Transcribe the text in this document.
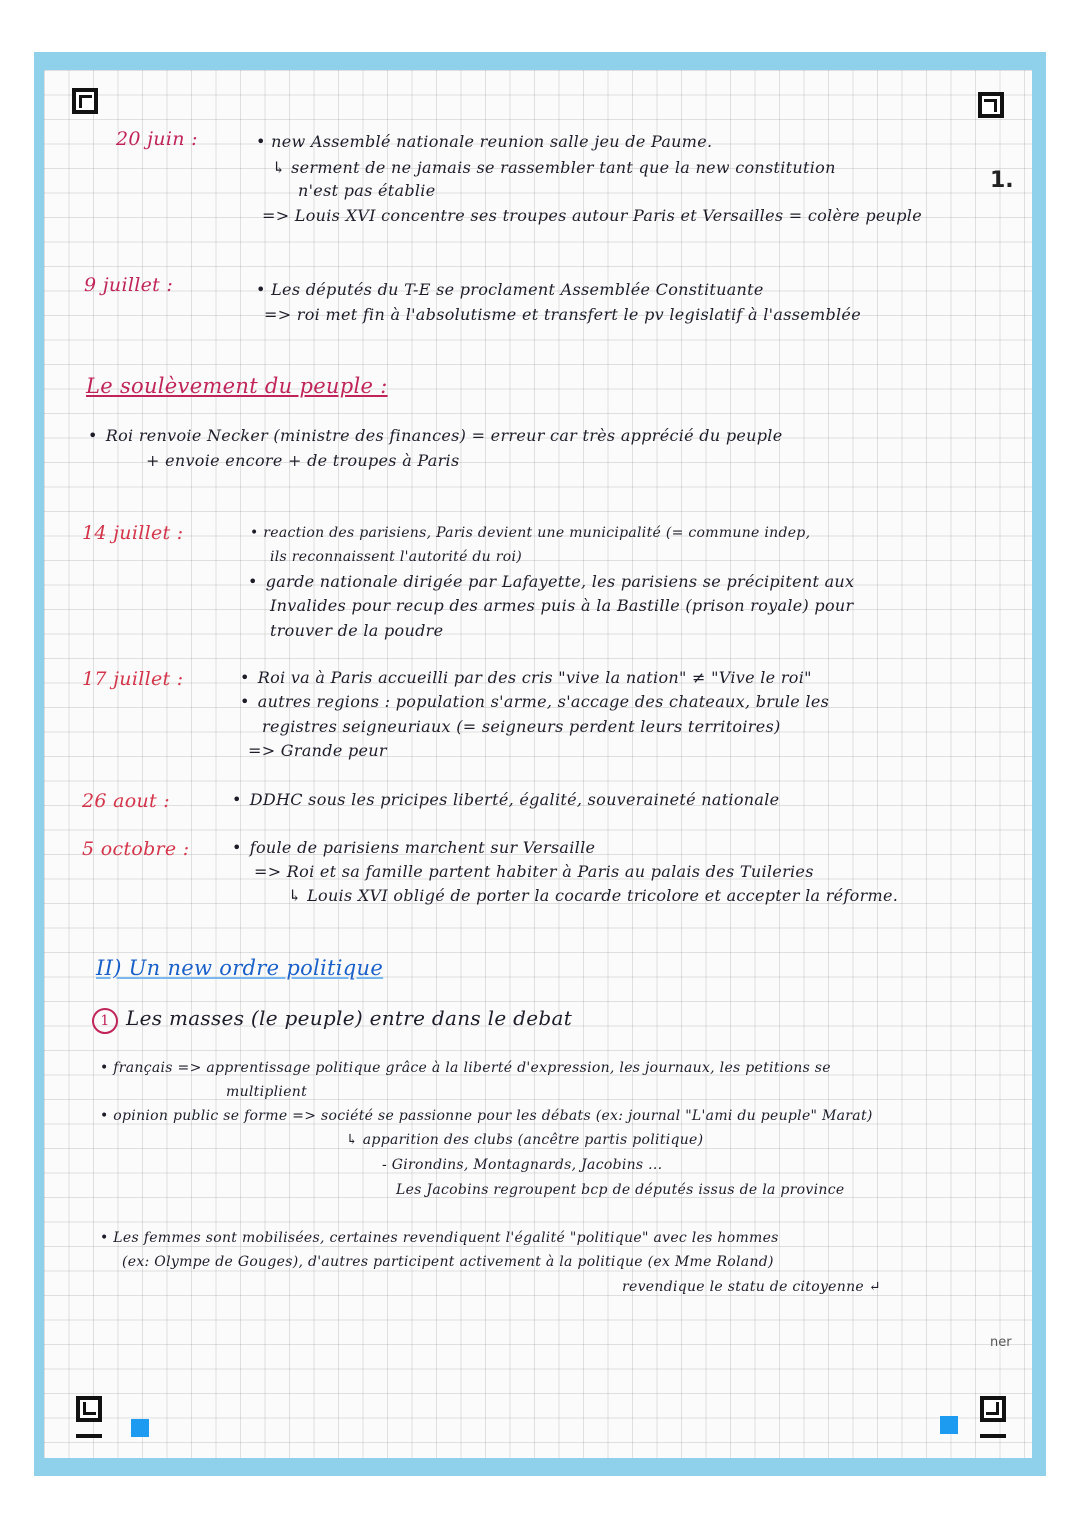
1.
ner
20 juin :	• new Assemblé nationale reunion salle jeu de Paume.
↳ serment de ne jamais se rassembler tant que la new constitution
n'est pas établie
=> Louis XVI concentre ses troupes autour Paris et Versailles = colère peuple
9 juillet :	• Les députés du T-E se proclament Assemblée Constituante
=> roi met fin à l'absolutisme et transfert le pv legislatif à l'assemblée
Le soulèvement du peuple :
• Roi renvoie Necker (ministre des finances) = erreur car très apprécié du peuple
+ envoie encore + de troupes à Paris
14 juillet :	• reaction des parisiens, Paris devient une municipalité (= commune indep,
ils reconnaissent l'autorité du roi)
• garde nationale dirigée par Lafayette, les parisiens se précipitent aux
Invalides pour recup des armes puis à la Bastille (prison royale) pour
trouver de la poudre
17 juillet :	• Roi va à Paris accueilli par des cris "vive la nation" ≠ "Vive le roi"
• autres regions : population s'arme, s'accage des chateaux, brule les
registres seigneuriaux (= seigneurs perdent leurs territoires)
=> Grande peur
26 aout :	• DDHC sous les pricipes liberté, égalité, souveraineté nationale
5 octobre :	• foule de parisiens marchent sur Versaille
=> Roi et sa famille partent habiter à Paris au palais des Tuileries
↳ Louis XVI obligé de porter la cocarde tricolore et accepter la réforme.
II) Un new ordre politique
1 Les masses (le peuple) entre dans le debat
• français => apprentissage politique grâce à la liberté d'expression, les journaux, les petitions se
multiplient
• opinion public se forme => société se passionne pour les débats (ex: journal "L'ami du peuple" Marat)
↳ apparition des clubs (ancêtre partis politique)
- Girondins, Montagnards, Jacobins ...
Les Jacobins regroupent bcp de députés issus de la province
• Les femmes sont mobilisées, certaines revendiquent l'égalité "politique" avec les hommes
(ex: Olympe de Gouges), d'autres participent activement à la politique (ex Mme Roland)
revendique le statu de citoyenne ↵
